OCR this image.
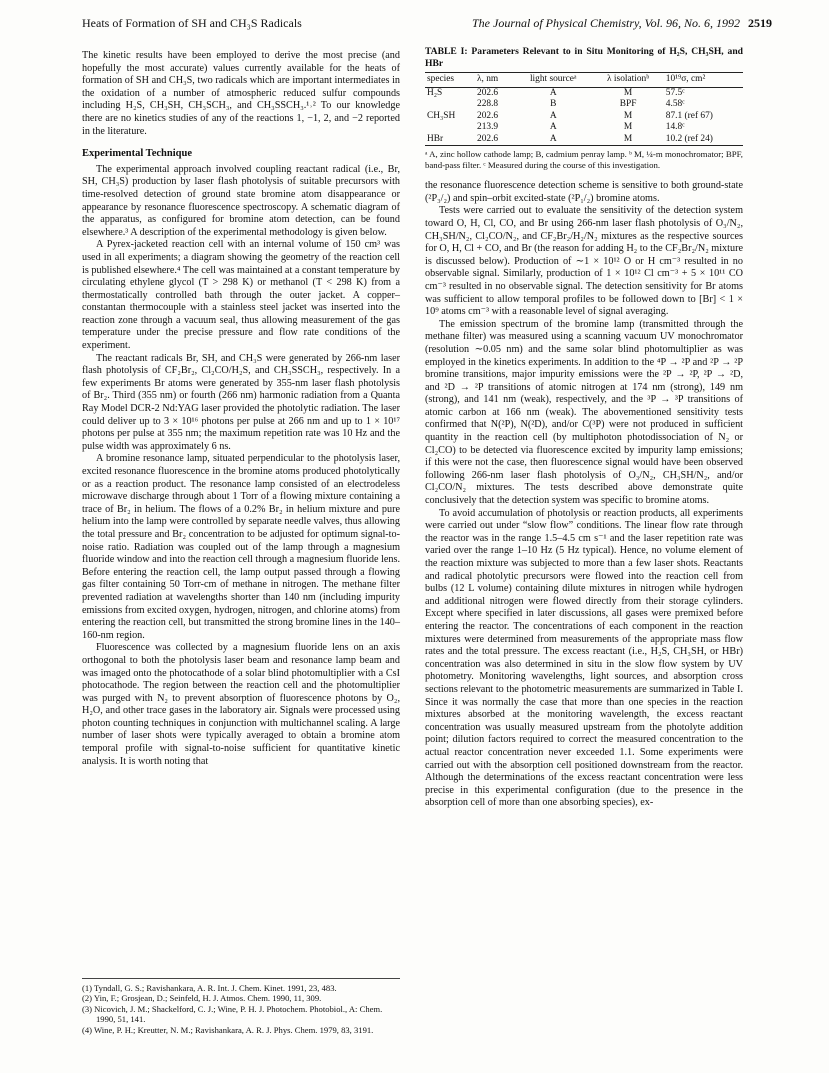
Heats of Formation of SH and CH₃S Radicals	The Journal of Physical Chemistry, Vol. 96, No. 6, 1992 2519

The kinetic results have been employed to derive the most precise (and hopefully the most accurate) values currently available for the heats of formation of SH and CH₃S, two radicals which are important intermediates in the oxidation of a number of atmospheric reduced sulfur compounds including H₂S, CH₃SH, CH₃SCH₃, and CH₃SSCH₃.¹˒² To our knowledge there are no kinetics studies of any of the reactions 1, −1, 2, and −2 reported in the literature.

Experimental Technique

The experimental approach involved coupling reactant radical (i.e., Br, SH, CH₃S) production by laser flash photolysis of suitable precursors with time-resolved detection of ground state bromine atom disappearance or appearance by resonance fluorescence spectroscopy. A schematic diagram of the apparatus, as configured for bromine atom detection, can be found elsewhere.³ A description of the experimental methodology is given below.

A Pyrex-jacketed reaction cell with an internal volume of 150 cm³ was used in all experiments; a diagram showing the geometry of the reaction cell is published elsewhere.⁴ The cell was maintained at a constant temperature by circulating ethylene glycol (T > 298 K) or methanol (T < 298 K) from a thermostatically controlled bath through the outer jacket. A copper–constantan thermocouple with a stainless steel jacket was inserted into the reaction zone through a vacuum seal, thus allowing measurement of the gas temperature under the precise pressure and flow rate conditions of the experiment.

The reactant radicals Br, SH, and CH₃S were generated by 266-nm laser flash photolysis of CF₂Br₂, Cl₂CO/H₂S, and CH₃SSCH₃, respectively. In a few experiments Br atoms were generated by 355-nm laser flash photolysis of Br₂. Third (355 nm) or fourth (266 nm) harmonic radiation from a Quanta Ray Model DCR-2 Nd:YAG laser provided the photolytic radiation. The laser could deliver up to 3 × 10¹⁶ photons per pulse at 266 nm and up to 1 × 10¹⁷ photons per pulse at 355 nm; the maximum repetition rate was 10 Hz and the pulse width was approximately 6 ns.

A bromine resonance lamp, situated perpendicular to the photolysis laser, excited resonance fluorescence in the bromine atoms produced photolytically or as a reaction product. The resonance lamp consisted of an electrodeless microwave discharge through about 1 Torr of a flowing mixture containing a trace of Br₂ in helium. The flows of a 0.2% Br₂ in helium mixture and pure helium into the lamp were controlled by separate needle valves, thus allowing the total pressure and Br₂ concentration to be adjusted for optimum signal-to-noise ratio. Radiation was coupled out of the lamp through a magnesium fluoride window and into the reaction cell through a magnesium fluoride lens. Before entering the reaction cell, the lamp output passed through a flowing gas filter containing 50 Torr-cm of methane in nitrogen. The methane filter prevented radiation at wavelengths shorter than 140 nm (including impurity emissions from excited oxygen, hydrogen, nitrogen, and chlorine atoms) from entering the reaction cell, but transmitted the strong bromine lines in the 140–160-nm region.

Fluorescence was collected by a magnesium fluoride lens on an axis orthogonal to both the photolysis laser beam and resonance lamp beam and was imaged onto the photocathode of a solar blind photomultiplier with a CsI photocathode. The region between the reaction cell and the photomultiplier was purged with N₂ to prevent absorption of fluorescence photons by O₂, H₂O, and other trace gases in the laboratory air. Signals were processed using photon counting techniques in conjunction with multichannel scaling. A large number of laser shots were typically averaged to obtain a bromine atom temporal profile with signal-to-noise sufficient for quantitative kinetic analysis. It is worth noting that

(1) Tyndall, G. S.; Ravishankara, A. R. Int. J. Chem. Kinet. 1991, 23, 483.
(2) Yin, F.; Grosjean, D.; Seinfeld, H. J. Atmos. Chem. 1990, 11, 309.
(3) Nicovich, J. M.; Shackelford, C. J.; Wine, P. H. J. Photochem. Photobiol., A: Chem. 1990, 51, 141.
(4) Wine, P. H.; Kreutter, N. M.; Ravishankara, A. R. J. Phys. Chem. 1979, 83, 3191.
TABLE I: Parameters Relevant to in Situ Monitoring of H₂S, CH₃SH, and HBr
species	λ, nm	light sourceᵃ	λ isolationᵇ	10¹⁹σ, cm²
H₂S	202.6	A	M	57.5ᶜ
	228.8	B	BPF	4.58ᶜ
CH₃SH	202.6	A	M	87.1 (ref 67)
	213.9	A	M	14.8ᶜ
HBr	202.6	A	M	10.2 (ref 24)
ᵃ A, zinc hollow cathode lamp; B, cadmium penray lamp. ᵇ M, ¼-m monochromator; BPF, band-pass filter. ᶜ Measured during the course of this investigation.

the resonance fluorescence detection scheme is sensitive to both ground-state (²P₃/₂) and spin–orbit excited-state (²P₁/₂) bromine atoms.

Tests were carried out to evaluate the sensitivity of the detection system toward O, H, Cl, CO, and Br using 266-nm laser flash photolysis of O₃/N₂, CH₃SH/N₂, Cl₂CO/N₂, and CF₂Br₂/H₂/N₂ mixtures as the respective sources for O, H, Cl + CO, and Br (the reason for adding H₂ to the CF₂Br₂/N₂ mixture is discussed below). Production of ∼1 × 10¹² O or H cm⁻³ resulted in no observable signal. Similarly, production of 1 × 10¹² Cl cm⁻³ + 5 × 10¹¹ CO cm⁻³ resulted in no observable signal. The detection sensitivity for Br atoms was sufficient to allow temporal profiles to be followed down to [Br] < 1 × 10⁹ atoms cm⁻³ with a reasonable level of signal averaging.

The emission spectrum of the bromine lamp (transmitted through the methane filter) was measured using a scanning vacuum UV monochromator (resolution ∼0.05 nm) and the same solar blind photomultiplier as was employed in the kinetics experiments. In addition to the ⁴P → ²P and ²P → ²P bromine transitions, major impurity emissions were the ²P → ²P, ²P → ²D, and ²D → ²P transitions of atomic nitrogen at 174 nm (strong), 149 nm (strong), and 141 nm (weak), respectively, and the ³P → ³P transitions of atomic carbon at 166 nm (weak). The abovementioned sensitivity tests confirmed that N(²P), N(²D), and/or C(³P) were not produced in sufficient quantity in the reaction cell (by multiphoton photodissociation of N₂ or Cl₂CO) to be detected via fluorescence excited by impurity lamp emissions; if this were not the case, then fluorescence signal would have been observed following 266-nm laser flash photolysis of O₃/N₂, CH₃SH/N₂, and/or Cl₂CO/N₂ mixtures. The tests described above demonstrate quite conclusively that the detection system was specific to bromine atoms.

To avoid accumulation of photolysis or reaction products, all experiments were carried out under “slow flow” conditions. The linear flow rate through the reactor was in the range 1.5–4.5 cm s⁻¹ and the laser repetition rate was varied over the range 1–10 Hz (5 Hz typical). Hence, no volume element of the reaction mixture was subjected to more than a few laser shots. Reactants and radical photolytic precursors were flowed into the reaction cell from bulbs (12 L volume) containing dilute mixtures in nitrogen while hydrogen and additional nitrogen were flowed directly from their storage cylinders. Except where specified in later discussions, all gases were premixed before entering the reactor. The concentrations of each component in the reaction mixtures were determined from measurements of the appropriate mass flow rates and the total pressure. The excess reactant (i.e., H₂S, CH₃SH, or HBr) concentration was also determined in situ in the slow flow system by UV photometry. Monitoring wavelengths, light sources, and absorption cross sections relevant to the photometric measurements are summarized in Table I. Since it was normally the case that more than one species in the reaction mixtures absorbed at the monitoring wavelength, the excess reactant concentration was usually measured upstream from the photolyte addition point; dilution factors required to correct the measured concentration to the actual reactor concentration never exceeded 1.1. Some experiments were carried out with the absorption cell positioned downstream from the reactor. Although the determinations of the excess reactant concentration were less precise in this experimental configuration (due to the presence in the absorption cell of more than one absorbing species), ex-
